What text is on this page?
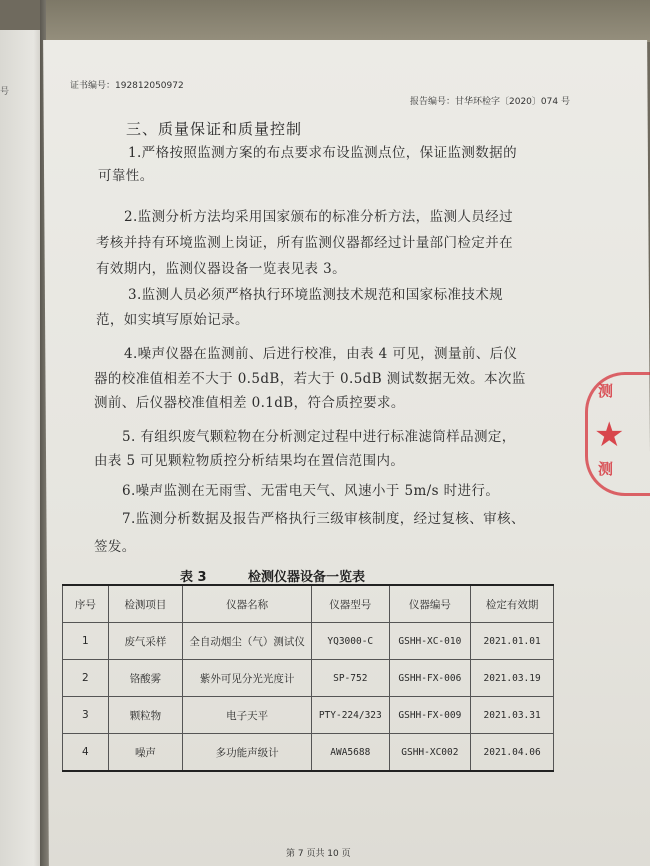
号
证书编号：192812050972
报告编号：甘华环检字〔2020〕074 号
三、质量保证和质量控制

1.严格按照监测方案的布点要求布设监测点位，保证监测数据的

可靠性。

2.监测分析方法均采用国家颁布的标准分析方法，监测人员经过

考核并持有环境监测上岗证，所有监测仪器都经过计量部门检定并在

有效期内，监测仪器设备一览表见表 3。

3.监测人员必须严格执行环境监测技术规范和国家标准技术规

范，如实填写原始记录。

4.噪声仪器在监测前、后进行校准，由表 4 可见，测量前、后仪

器的校准值相差不大于 0.5dB，若大于 0.5dB 测试数据无效。本次监

测前、后仪器校准值相差 0.1dB，符合质控要求。

5. 有组织废气颗粒物在分析测定过程中进行标准滤筒样品测定，

由表 5 可见颗粒物质控分析结果均在置信范围内。

6.噪声监测在无雨雪、无雷电天气、风速小于 5m/s 时进行。

7.监测分析数据及报告严格执行三级审核制度，经过复核、审核、

签发。

测
★
测
表 3	检测仪器设备一览表
序号	检测项目	仪器名称	仪器型号	仪器编号	检定有效期
1	废气采样	全自动烟尘（气）测试仪	YQ3000-C	GSHH-XC-010	2021.01.01
2	铬酸雾	紫外可见分光光度计	SP-752	GSHH-FX-006	2021.03.19
3	颗粒物	电子天平	PTY-224/323	GSHH-FX-009	2021.03.31
4	噪声	多功能声级计	AWA5688	GSHH-XC002	2021.04.06
第 7 页共 10 页
